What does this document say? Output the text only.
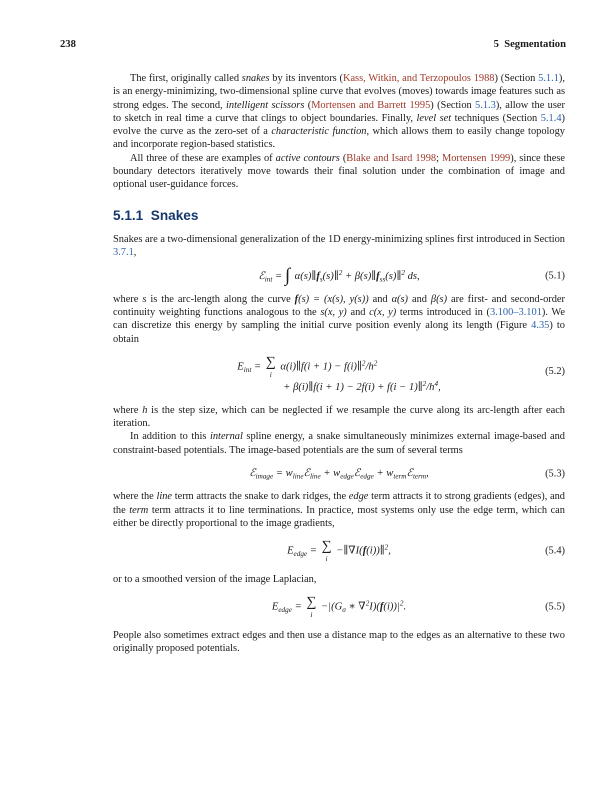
238	5  Segmentation

The first, originally called snakes by its inventors (Kass, Witkin, and Terzopoulos 1988) (Section 5.1.1), is an energy-minimizing, two-dimensional spline curve that evolves (moves) towards image features such as strong edges. The second, intelligent scissors (Mortensen and Barrett 1995) (Section 5.1.3), allow the user to sketch in real time a curve that clings to object boundaries. Finally, level set techniques (Section 5.1.4) evolve the curve as the zero-set of a characteristic function, which allows them to easily change topology and incorporate region-based statistics.

All three of these are examples of active contours (Blake and Isard 1998; Mortensen 1999), since these boundary detectors iteratively move towards their final solution under the combination of image and optional user-guidance forces.

5.1.1  Snakes

Snakes are a two-dimensional generalization of the 1D energy-minimizing splines first introduced in Section 3.7.1,

ℰ$_{int}$ = ∫ $\alpha(s)\parallel f_s(s)\parallel^2$ + $\beta(s)\parallel f_{ss}(s)\parallel^2$ ds,	(5.1)

where s is the arc-length along the curve f(s) = (x(s), y(s)) and α(s) and β(s) are first- and second-order continuity weighting functions analogous to the s(x, y) and c(x, y) terms introduced in (3.100–3.101). We can discretize this energy by sampling the initial curve position evenly along its length (Figure 4.35) to obtain

$E_{int}$ = ∑
i
α(i)∥f(i + $1) - f(i)\parallel^2/h^2$
+ β(i)∥f(i + $1) - 2f(i) + f(i - 1)\parallel^2/h^4$,
(5.2)

where h is the step size, which can be neglected if we resample the curve along its arc-length after each iteration.

In addition to this internal spline energy, a snake simultaneously minimizes external image-based and constraint-based potentials. The image-based potentials are the sum of several terms

ℰ$_{image}$ = $w_{line}ℰ_{line}$ + $w_{edge}ℰ_{edge}$ + $w_{term}ℰ_{term}$,	(5.3)

where the line term attracts the snake to dark ridges, the edge term attracts it to strong gradients (edges), and the term term attracts it to line terminations. In practice, most systems only use the edge term, which can either be directly proportional to the image gradients,

$E_{edge}$ = ∑
i
−∥∇I(f(i))∥$^2$,	(5.4)

or to a smoothed version of the image Laplacian,

$E_{edge}$ = ∑
i
$-|(G_\sigma$ ∗ $\nabla^2I)(f(i))|^2$.	(5.5)

People also sometimes extract edges and then use a distance map to the edges as an alternative to these two originally proposed potentials.
